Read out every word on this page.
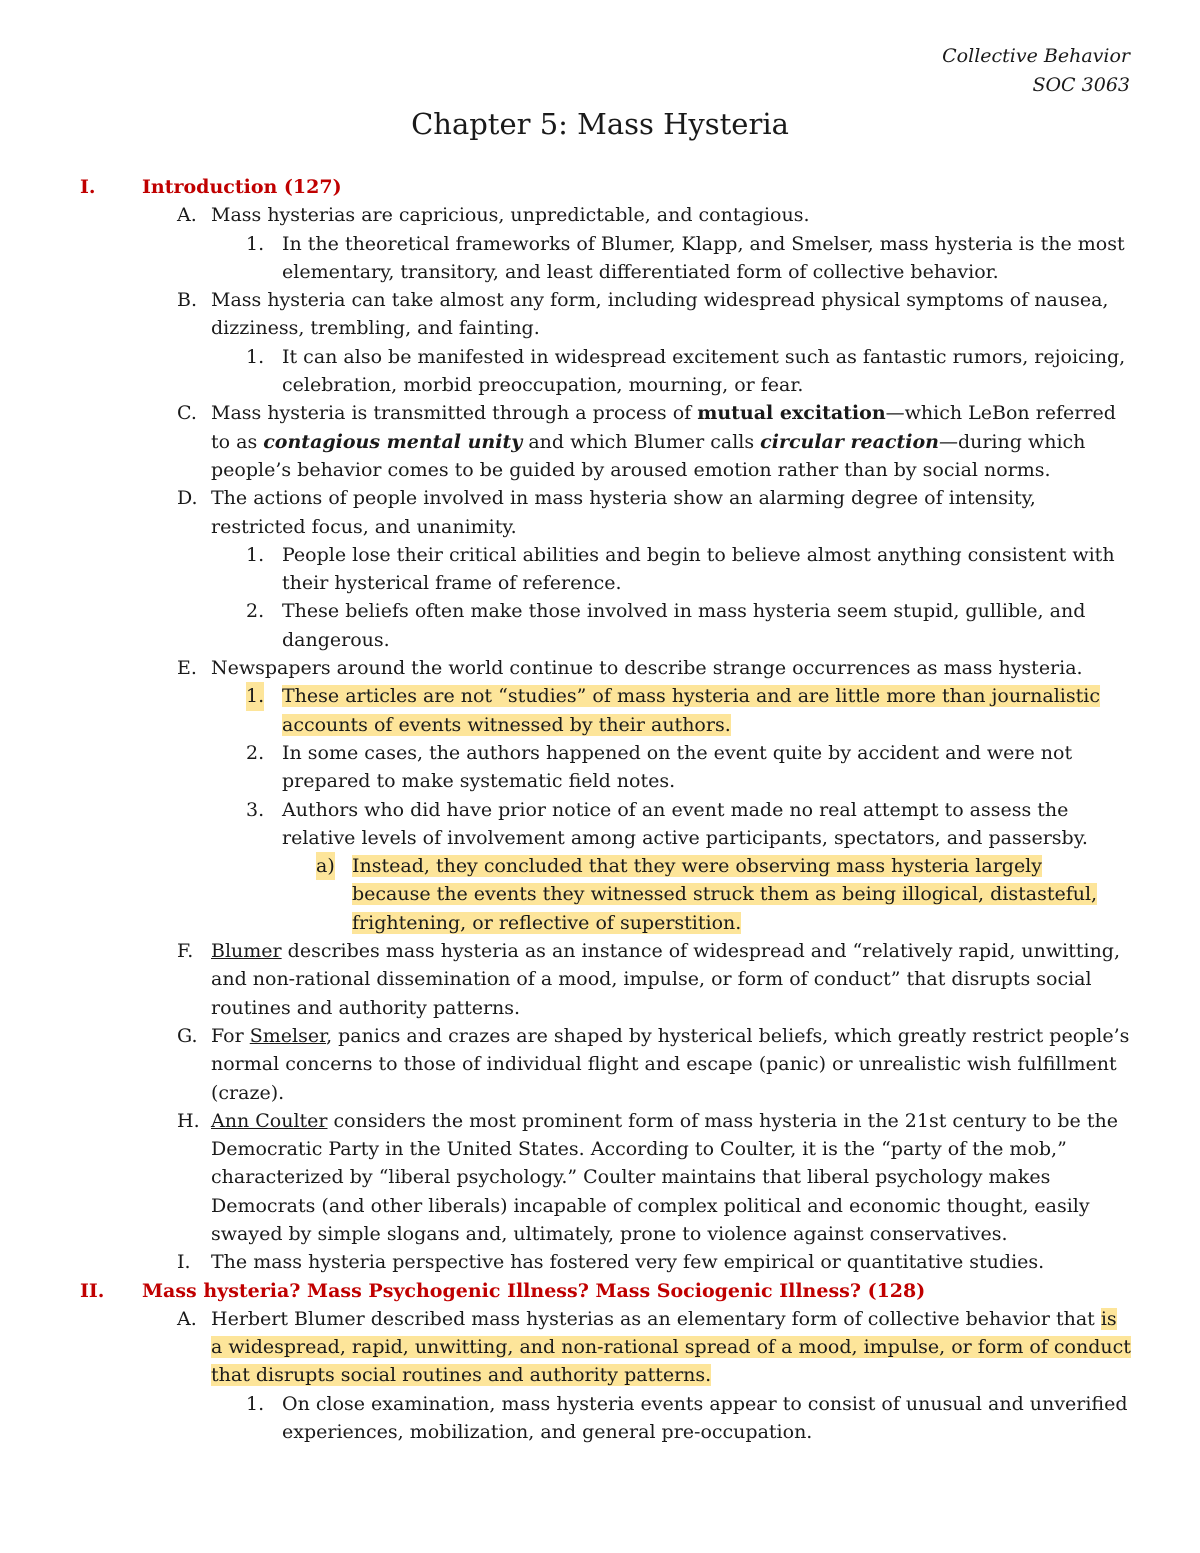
Collective Behavior
SOC 3063
Chapter 5: Mass Hysteria
I. Introduction (127)
A. Mass hysterias are capricious, unpredictable, and contagious.
1. In the theoretical frameworks of Blumer, Klapp, and Smelser, mass hysteria is the most elementary, transitory, and least differentiated form of collective behavior.
B. Mass hysteria can take almost any form, including widespread physical symptoms of nausea, dizziness, trembling, and fainting.
1. It can also be manifested in widespread excitement such as fantastic rumors, rejoicing, celebration, morbid preoccupation, mourning, or fear.
C. Mass hysteria is transmitted through a process of mutual excitation—which LeBon referred to as contagious mental unity and which Blumer calls circular reaction—during which people’s behavior comes to be guided by aroused emotion rather than by social norms.
D. The actions of people involved in mass hysteria show an alarming degree of intensity, restricted focus, and unanimity.
1. People lose their critical abilities and begin to believe almost anything consistent with their hysterical frame of reference.
2. These beliefs often make those involved in mass hysteria seem stupid, gullible, and dangerous.
E. Newspapers around the world continue to describe strange occurrences as mass hysteria.
1. These articles are not “studies” of mass hysteria and are little more than journalistic accounts of events witnessed by their authors.
2. In some cases, the authors happened on the event quite by accident and were not prepared to make systematic field notes.
3. Authors who did have prior notice of an event made no real attempt to assess the relative levels of involvement among active participants, spectators, and passersby.
a) Instead, they concluded that they were observing mass hysteria largely because the events they witnessed struck them as being illogical, distasteful, frightening, or reflective of superstition.
F. Blumer describes mass hysteria as an instance of widespread and “relatively rapid, unwitting, and non-rational dissemination of a mood, impulse, or form of conduct” that disrupts social routines and authority patterns.
G. For Smelser, panics and crazes are shaped by hysterical beliefs, which greatly restrict people’s normal concerns to those of individual flight and escape (panic) or unrealistic wish fulfillment (craze).
H. Ann Coulter considers the most prominent form of mass hysteria in the 21st century to be the Democratic Party in the United States. According to Coulter, it is the “party of the mob,” characterized by “liberal psychology.” Coulter maintains that liberal psychology makes Democrats (and other liberals) incapable of complex political and economic thought, easily swayed by simple slogans and, ultimately, prone to violence against conservatives.
I. The mass hysteria perspective has fostered very few empirical or quantitative studies.
II. Mass hysteria? Mass Psychogenic Illness? Mass Sociogenic Illness? (128)
A. Herbert Blumer described mass hysterias as an elementary form of collective behavior that is a widespread, rapid, unwitting, and non-rational spread of a mood, impulse, or form of conduct that disrupts social routines and authority patterns.
1. On close examination, mass hysteria events appear to consist of unusual and unverified experiences, mobilization, and general pre-occupation.
